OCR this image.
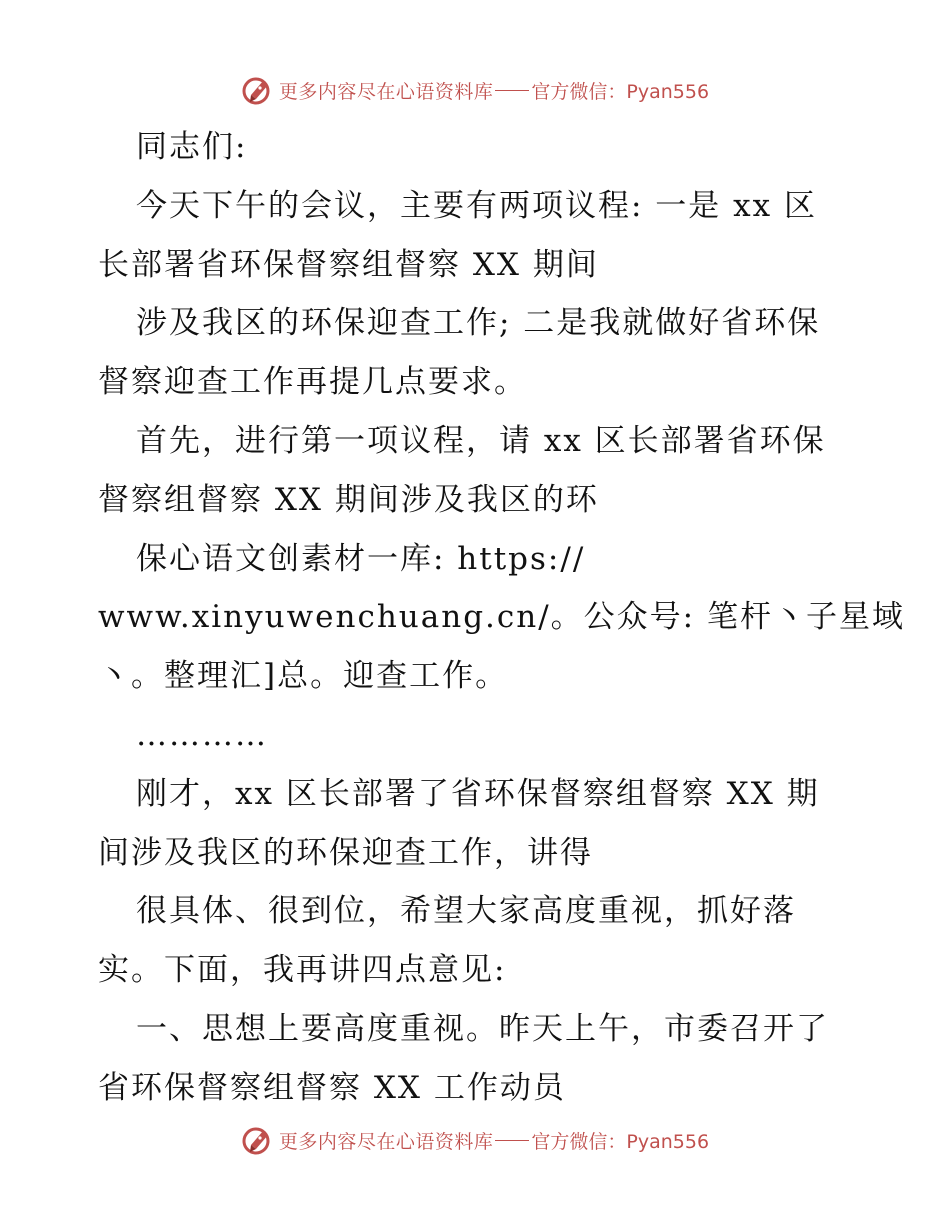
更多内容尽在心语资料库 官方微信：Pyan556
同志们:
今天下午的会议，主要有两项议程: 一是 xx 区
长部署省环保督察组督察 XX 期间
涉及我区的环保迎查工作; 二是我就做好省环保
督察迎查工作再提几点要求。
首先，进行第一项议程，请 xx 区长部署省环保
督察组督察 XX 期间涉及我区的环
保心语文创素材一库: https://
www.xinyuwenchuang.cn/。公众号: 笔杆丶子星域
丶。整理汇]总。迎查工作。
…………
刚才，xx 区长部署了省环保督察组督察 XX 期
间涉及我区的环保迎查工作，讲得
很具体、很到位，希望大家高度重视，抓好落
实。下面，我再讲四点意见:
一、思想上要高度重视。昨天上午，市委召开了
省环保督察组督察 XX 工作动员
更多内容尽在心语资料库 官方微信：Pyan556
